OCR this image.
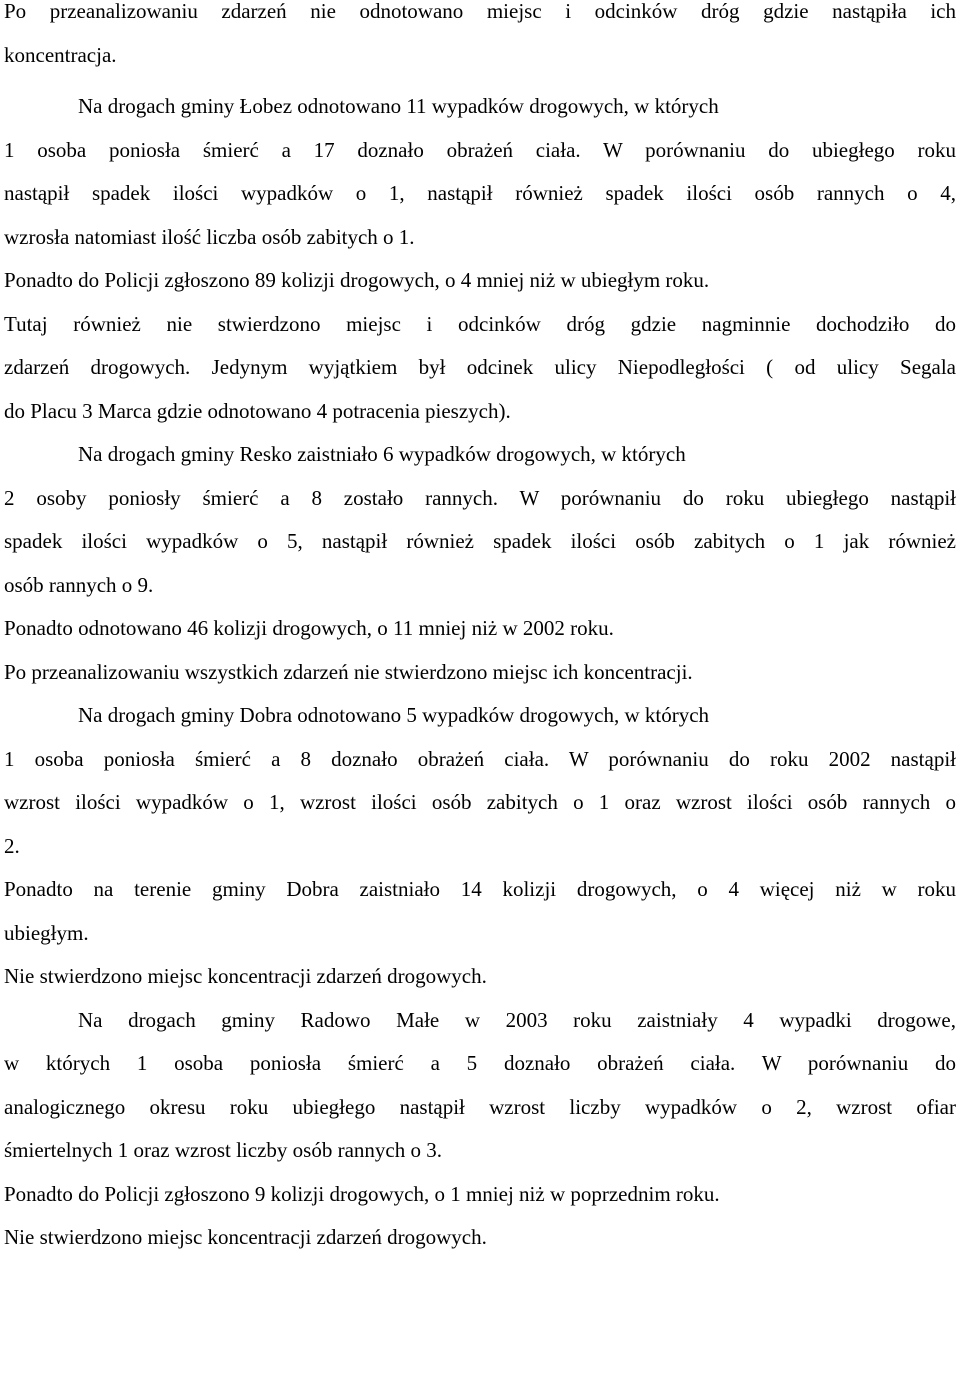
Po przeanalizowaniu zdarzeń nie odnotowano miejsc i odcinków dróg gdzie nastąpiła ich
koncentracja.
Na drogach gminy Łobez odnotowano 11 wypadków drogowych, w których
1 osoba poniosła śmierć a 17 doznało obrażeń ciała. W porównaniu do ubiegłego roku
nastąpił spadek ilości wypadków o 1, nastąpił również spadek ilości osób rannych o 4,
wzrosła natomiast ilość liczba osób zabitych o 1.
Ponadto do Policji zgłoszono 89 kolizji drogowych, o 4 mniej niż w ubiegłym roku.
Tutaj również nie stwierdzono miejsc i odcinków dróg gdzie nagminnie dochodziło do
zdarzeń drogowych. Jedynym wyjątkiem był odcinek ulicy Niepodległości ( od ulicy Segala
do Placu 3 Marca gdzie odnotowano 4 potracenia pieszych).
Na drogach gminy Resko zaistniało 6 wypadków drogowych, w których
2 osoby poniosły śmierć a 8 zostało rannych. W porównaniu do roku ubiegłego nastąpił
spadek ilości wypadków o 5, nastąpił również spadek ilości osób zabitych o 1 jak również
osób rannych o 9.
Ponadto odnotowano 46 kolizji drogowych, o 11 mniej niż w 2002 roku.
Po przeanalizowaniu wszystkich zdarzeń nie stwierdzono miejsc ich koncentracji.
Na drogach gminy Dobra odnotowano 5 wypadków drogowych, w których
1 osoba poniosła śmierć a 8 doznało obrażeń ciała. W porównaniu do roku 2002 nastąpił
wzrost ilości wypadków o 1, wzrost ilości osób zabitych o 1 oraz wzrost ilości osób rannych o
2.
Ponadto na terenie gminy Dobra zaistniało 14 kolizji drogowych, o 4 więcej niż w roku
ubiegłym.
Nie stwierdzono miejsc koncentracji zdarzeń drogowych.
Na drogach gminy Radowo Małe w 2003 roku zaistniały 4 wypadki drogowe,
w których 1 osoba poniosła śmierć a 5 doznało obrażeń ciała. W porównaniu do
analogicznego okresu roku ubiegłego nastąpił wzrost liczby wypadków o 2, wzrost ofiar
śmiertelnych 1 oraz wzrost liczby osób rannych o 3.
Ponadto do Policji zgłoszono 9 kolizji drogowych, o 1 mniej niż w poprzednim roku.
Nie stwierdzono miejsc koncentracji zdarzeń drogowych.
